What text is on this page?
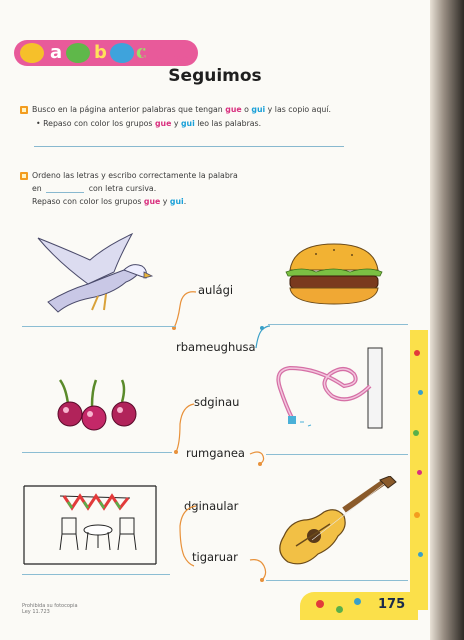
a b c
¿Nos
animamos?
Seguimos
Busco en la página anterior palabras que tengan gue o gui y las copio aquí.
• Repaso con color los grupos gue y gui leo las palabras.
Ordeno las letras y escribo correctamente la palabra
en	con letra cursiva.
Repaso con color los grupos gue y gui.
aulági
rbameughusa
sdginau
rumganea
dginaular
tigaruar
175
Prohibida su fotocopia
Ley 11.723
